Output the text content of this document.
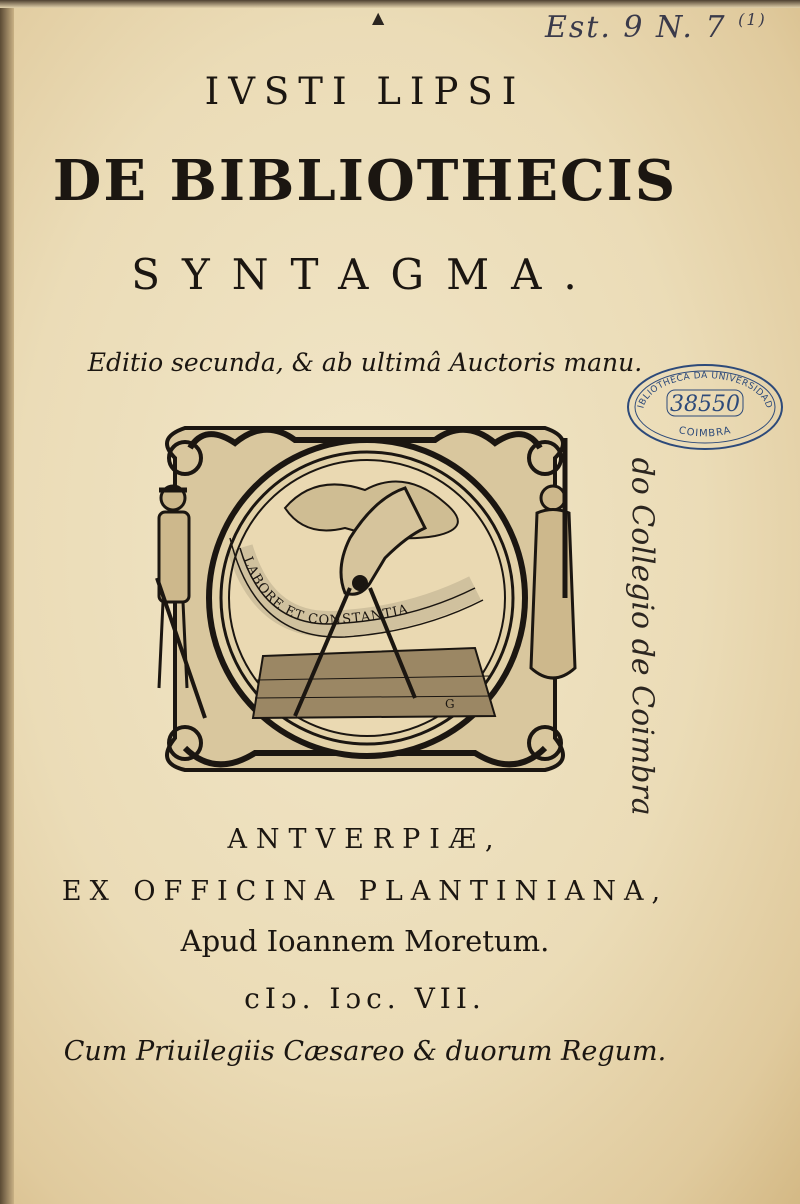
▲	Est. 9 N. 7 $^{(1)}$
IVSTI LIPSI
DE BIBLIOTHECIS
SYNTAGMA.
Editio secunda, & ab ultimâ Auctoris manu.
IBLIOTHECA DA UNIVERSIDAD
COIMBRA
38550
do Collegio de Coimbra
LABORE ET CONSTANTIA
G
ANTVERPIÆ,
EX OFFICINA PLANTINIANA,
Apud Ioannem Moretum.
cIɔ. Iɔc. VII.
Cum Priuilegiis Cæsareo & duorum Regum.
